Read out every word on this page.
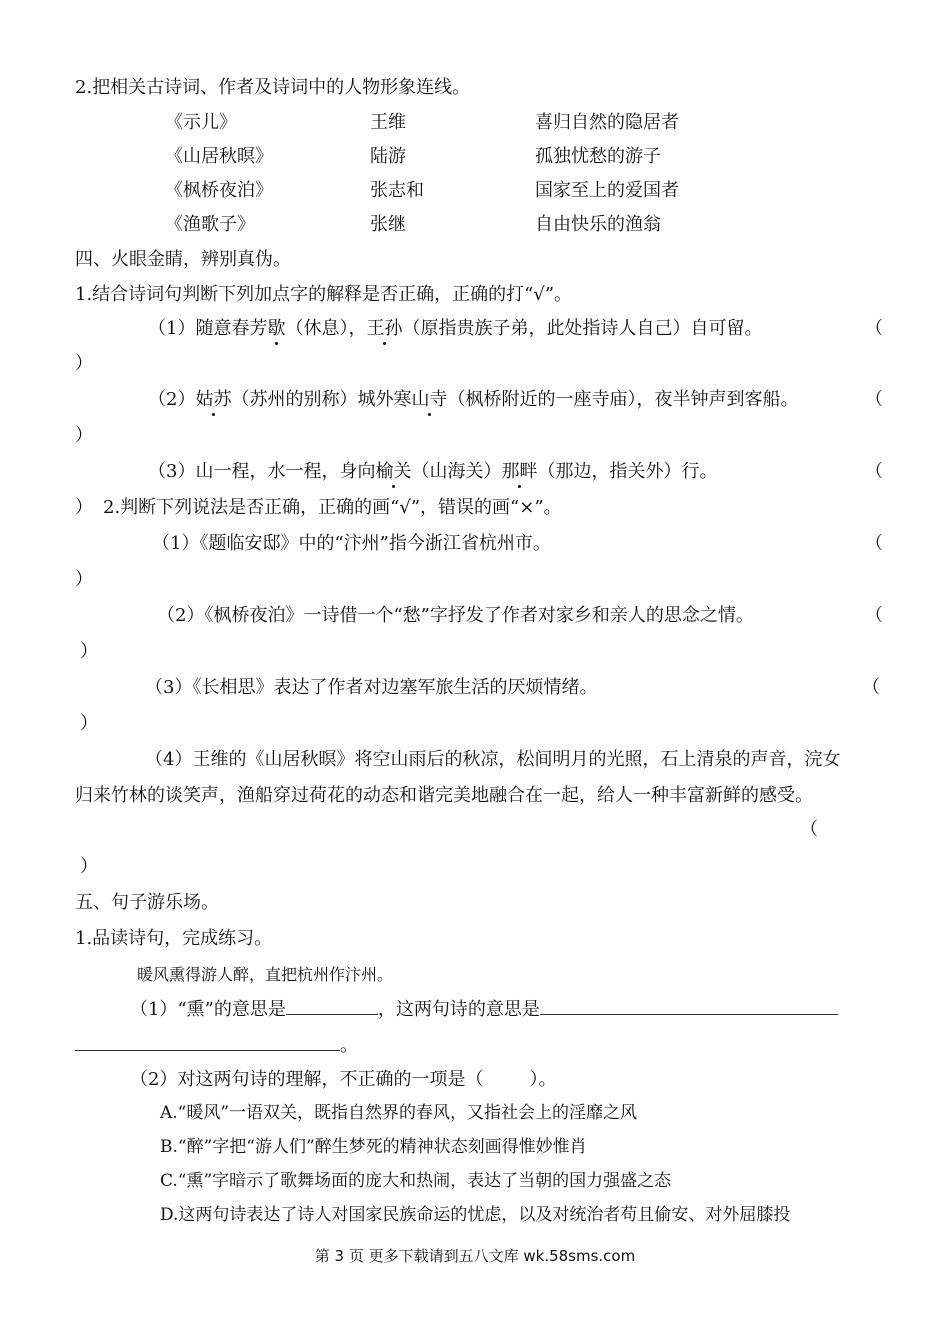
2.把相关古诗词、作者及诗词中的人物形象连线。
《示儿》	王维	喜归自然的隐居者
《山居秋暝》	陆游	孤独忧愁的游子
《枫桥夜泊》	张志和	国家至上的爱国者
《渔歌子》	张继	自由快乐的渔翁
四、火眼金睛，辨别真伪。
1.结合诗词句判断下列加点字的解释是否正确，正确的打“√”。
（1）随意春芳歇（休息），王孙（原指贵族子弟，此处指诗人自己）自可留。	（
）
（2）姑苏（苏州的别称）城外寒山寺（枫桥附近的一座寺庙），夜半钟声到客船。	（
）
（3）山一程，水一程，身向榆关（山海关）那畔（那边，指关外）行。	（
） 2.判断下列说法是否正确，正确的画“√”，错误的画“×”。
（1）《题临安邸》中的“汴州”指今浙江省杭州市。	（
）
（2）《枫桥夜泊》一诗借一个“愁”字抒发了作者对家乡和亲人的思念之情。	（
）
（3）《长相思》表达了作者对边塞军旅生活的厌烦情绪。	（
）
（4）王维的《山居秋暝》将空山雨后的秋凉，松间明月的光照，石上清泉的声音，浣女
归来竹林的谈笑声，渔船穿过荷花的动态和谐完美地融合在一起，给人一种丰富新鲜的感受。
（
）
五、句子游乐场。
1.品读诗句，完成练习。
暖风熏得游人醉，直把杭州作汴州。
（1）“熏”的意思是	，这两句诗的意思是
。
（2）对这两句诗的理解，不正确的一项是（	）。
A.“暖风”一语双关，既指自然界的春风，又指社会上的淫靡之风
B.“醉”字把“游人们”醉生梦死的精神状态刻画得惟妙惟肖
C.“熏”字暗示了歌舞场面的庞大和热闹，表达了当朝的国力强盛之态
D.这两句诗表达了诗人对国家民族命运的忧虑，以及对统治者苟且偷安、对外屈膝投
第 3 页 更多下载请到五八文库 wk.58sms.com
